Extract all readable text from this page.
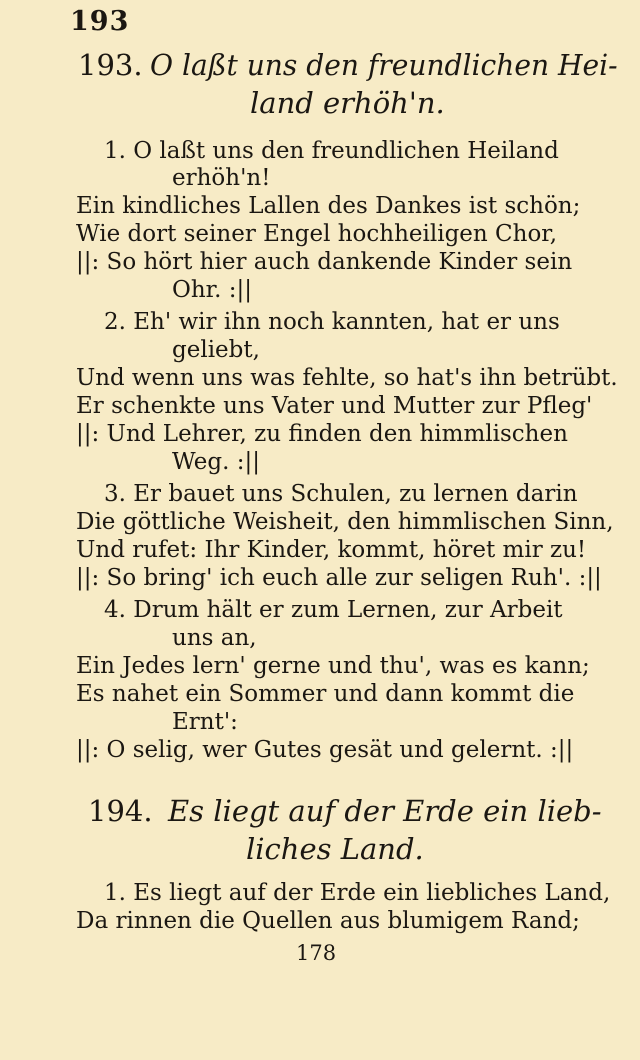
193
193. O laßt uns den freundlichen Hei-
land erhöh'n.
1. O laßt uns den freundlichen Heiland
erhöh'n!
Ein kindliches Lallen des Dankes ist schön;
Wie dort seiner Engel hochheiligen Chor,
||: So hört hier auch dankende Kinder sein
Ohr. :||
2. Eh' wir ihn noch kannten, hat er uns
geliebt,
Und wenn uns was fehlte, so hat's ihn betrübt.
Er schenkte uns Vater und Mutter zur Pfleg'
||: Und Lehrer, zu finden den himmlischen
Weg. :||
3. Er bauet uns Schulen, zu lernen darin
Die göttliche Weisheit, den himmlischen Sinn,
Und rufet: Ihr Kinder, kommt, höret mir zu!
||: So bring' ich euch alle zur seligen Ruh'. :||
4. Drum hält er zum Lernen, zur Arbeit
uns an,
Ein Jedes lern' gerne und thu', was es kann;
Es nahet ein Sommer und dann kommt die
Ernt':
||: O selig, wer Gutes gesät und gelernt. :||
194. Es liegt auf der Erde ein lieb-
liches Land.
1. Es liegt auf der Erde ein liebliches Land,
Da rinnen die Quellen aus blumigem Rand;
178
